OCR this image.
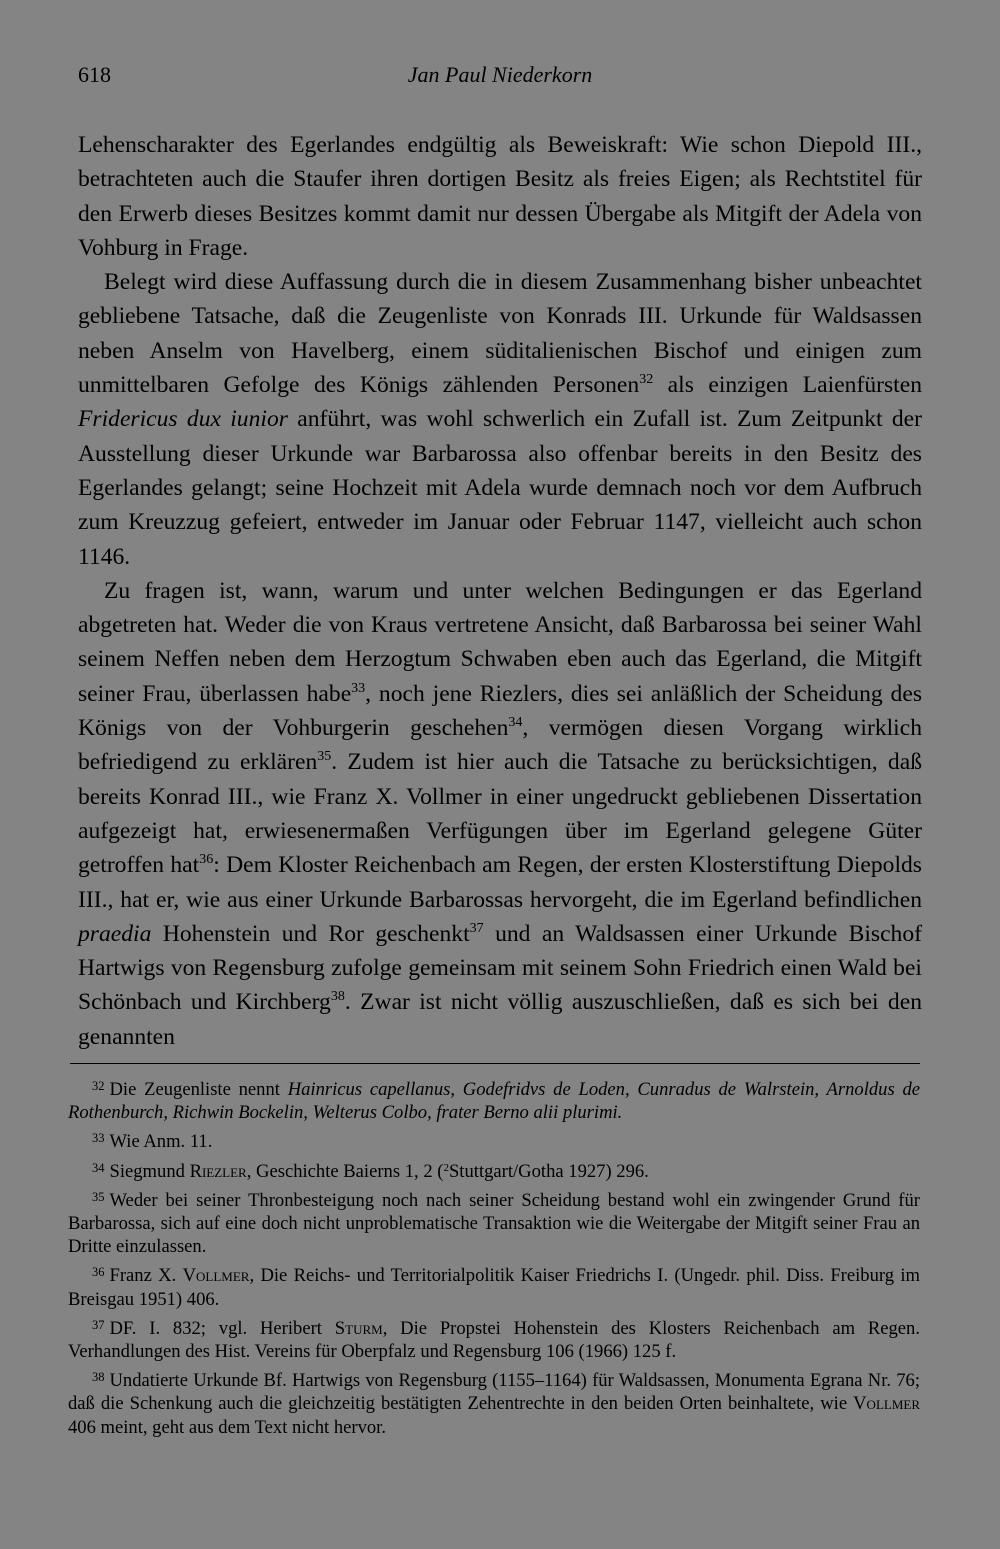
618	Jan Paul Niederkorn

Lehenscharakter des Egerlandes endgültig als Beweiskraft: Wie schon Diepold III., betrachteten auch die Staufer ihren dortigen Besitz als freies Eigen; als Rechtstitel für den Erwerb dieses Besitzes kommt damit nur dessen Übergabe als Mitgift der Adela von Vohburg in Frage.

Belegt wird diese Auffassung durch die in diesem Zusammenhang bisher unbeachtet gebliebene Tatsache, daß die Zeugenliste von Konrads III. Urkunde für Waldsassen neben Anselm von Havelberg, einem süditalienischen Bischof und einigen zum unmittelbaren Gefolge des Königs zählenden Personen$^{32}$ als einzigen Laienfürsten Fridericus dux iunior anführt, was wohl schwerlich ein Zufall ist. Zum Zeitpunkt der Ausstellung dieser Urkunde war Barbarossa also offenbar bereits in den Besitz des Egerlandes gelangt; seine Hochzeit mit Adela wurde demnach noch vor dem Aufbruch zum Kreuzzug gefeiert, entweder im Januar oder Februar 1147, vielleicht auch schon 1146.

Zu fragen ist, wann, warum und unter welchen Bedingungen er das Egerland abgetreten hat. Weder die von Kraus vertretene Ansicht, daß Barbarossa bei seiner Wahl seinem Neffen neben dem Herzogtum Schwaben eben auch das Egerland, die Mitgift seiner Frau, überlassen habe$^{33}$, noch jene Riezlers, dies sei anläßlich der Scheidung des Königs von der Vohburgerin geschehen$^{34}$, vermögen diesen Vorgang wirklich befriedigend zu erklären$^{35}$. Zudem ist hier auch die Tatsache zu berücksichtigen, daß bereits Konrad III., wie Franz X. Vollmer in einer ungedruckt gebliebenen Dissertation aufgezeigt hat, erwiesenermaßen Verfügungen über im Egerland gelegene Güter getroffen hat$^{36}$: Dem Kloster Reichenbach am Regen, der ersten Klosterstiftung Diepolds III., hat er, wie aus einer Urkunde Barbarossas hervorgeht, die im Egerland befindlichen praedia Hohenstein und Ror geschenkt$^{37}$ und an Waldsassen einer Urkunde Bischof Hartwigs von Regensburg zufolge gemeinsam mit seinem Sohn Friedrich einen Wald bei Schönbach und Kirchberg$^{38}$. Zwar ist nicht völlig auszuschließen, daß es sich bei den genannten

$^{32}$ Die Zeugenliste nennt Hainricus capellanus, Godefridvs de Loden, Cunradus de Walrstein, Arnoldus de Rothenburch, Richwin Bockelin, Welterus Colbo, frater Berno alii plurimi.

$^{33}$ Wie Anm. 11.

$^{34}$ Siegmund Riezler, Geschichte Baierns 1, 2 ($^2$Stuttgart/Gotha 1927) 296.

$^{35}$ Weder bei seiner Thronbesteigung noch nach seiner Scheidung bestand wohl ein zwingender Grund für Barbarossa, sich auf eine doch nicht unproblematische Transaktion wie die Weitergabe der Mitgift seiner Frau an Dritte einzulassen.

$^{36}$ Franz X. Vollmer, Die Reichs- und Territorialpolitik Kaiser Friedrichs I. (Ungedr. phil. Diss. Freiburg im Breisgau 1951) 406.

$^{37}$ DF. I. 832; vgl. Heribert Sturm, Die Propstei Hohenstein des Klosters Reichenbach am Regen. Verhandlungen des Hist. Vereins für Oberpfalz und Regensburg 106 (1966) 125 f.

$^{38}$ Undatierte Urkunde Bf. Hartwigs von Regensburg (1155–1164) für Waldsassen, Monumenta Egrana Nr. 76; daß die Schenkung auch die gleichzeitig bestätigten Zehentrechte in den beiden Orten beinhaltete, wie Vollmer 406 meint, geht aus dem Text nicht hervor.
